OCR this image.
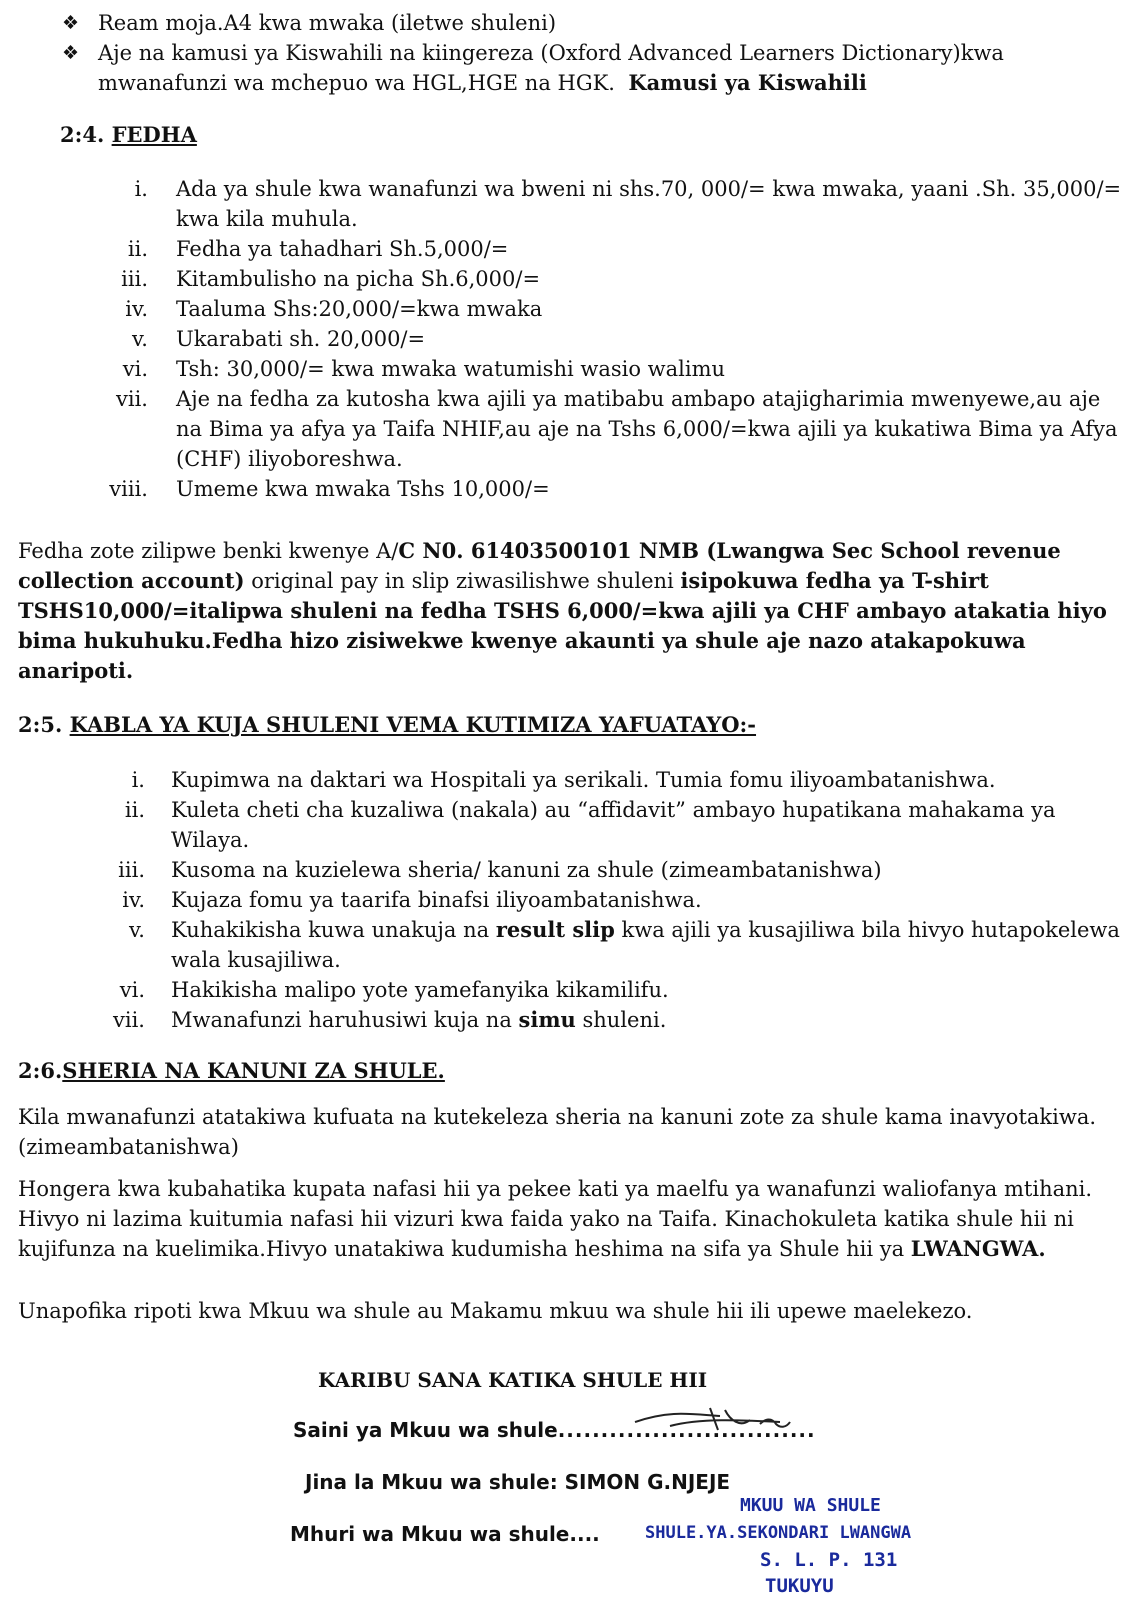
❖ Ream moja.A4 kwa mwaka (iletwe shuleni)
❖ Aje na kamusi ya Kiswahili na kiingereza (Oxford Advanced Learners Dictionary)kwa mwanafunzi wa mchepuo wa HGL,HGE na HGK. Kamusi ya Kiswahili
2:4. FEDHA
i. Ada ya shule kwa wanafunzi wa bweni ni shs.70, 000/= kwa mwaka, yaani .Sh. 35,000/= kwa kila muhula.
ii. Fedha ya tahadhari Sh.5,000/=
iii. Kitambulisho na picha Sh.6,000/=
iv. Taaluma Shs:20,000/=kwa mwaka
v. Ukarabati sh. 20,000/=
vi. Tsh: 30,000/= kwa mwaka watumishi wasio walimu
vii. Aje na fedha za kutosha kwa ajili ya matibabu ambapo atajigharimia mwenyewe,au aje na Bima ya afya ya Taifa NHIF,au aje na Tshs 6,000/=kwa ajili ya kukatiwa Bima ya Afya (CHF) iliyoboreshwa.
viii. Umeme kwa mwaka Tshs 10,000/=

Fedha zote zilipwe benki kwenye A/C N0. 61403500101 NMB (Lwangwa Sec School revenue collection account) original pay in slip ziwasilishwe shuleni isipokuwa fedha ya T-shirt TSHS10,000/=italipwa shuleni na fedha TSHS 6,000/=kwa ajili ya CHF ambayo atakatia hiyo bima hukuhuku.Fedha hizo zisiwekwe kwenye akaunti ya shule aje nazo atakapokuwa anaripoti.

2:5. KABLA YA KUJA SHULENI VEMA KUTIMIZA YAFUATAYO:-
i. Kupimwa na daktari wa Hospitali ya serikali. Tumia fomu iliyoambatanishwa.
ii. Kuleta cheti cha kuzaliwa (nakala) au “affidavit” ambayo hupatikana mahakama ya Wilaya.
iii. Kusoma na kuzielewa sheria/ kanuni za shule (zimeambatanishwa)
iv. Kujaza fomu ya taarifa binafsi iliyoambatanishwa.
v. Kuhakikisha kuwa unakuja na result slip kwa ajili ya kusajiliwa bila hivyo hutapokelewa wala kusajiliwa.
vi. Hakikisha malipo yote yamefanyika kikamilifu.
vii. Mwanafunzi haruhusiwi kuja na simu shuleni.
2:6.SHERIA NA KANUNI ZA SHULE.

Kila mwanafunzi atatakiwa kufuata na kutekeleza sheria na kanuni zote za shule kama inavyotakiwa.(zimeambatanishwa)

Hongera kwa kubahatika kupata nafasi hii ya pekee kati ya maelfu ya wanafunzi waliofanya mtihani. Hivyo ni lazima kuitumia nafasi hii vizuri kwa faida yako na Taifa. Kinachokuleta katika shule hii ni kujifunza na kuelimika.Hivyo unatakiwa kudumisha heshima na sifa ya Shule hii ya LWANGWA.

Unapofika ripoti kwa Mkuu wa shule au Makamu mkuu wa shule hii ili upewe maelekezo.

KARIBU SANA KATIKA SHULE HII
Saini ya Mkuu wa shule..............................
Jina la Mkuu wa shule: SIMON G.NJEJE
Mhuri wa Mkuu wa shule....
MKUU WA SHULE
SHULE.YA.SEKONDARI LWANGWA
S. L. P. 131
TUKUYU
